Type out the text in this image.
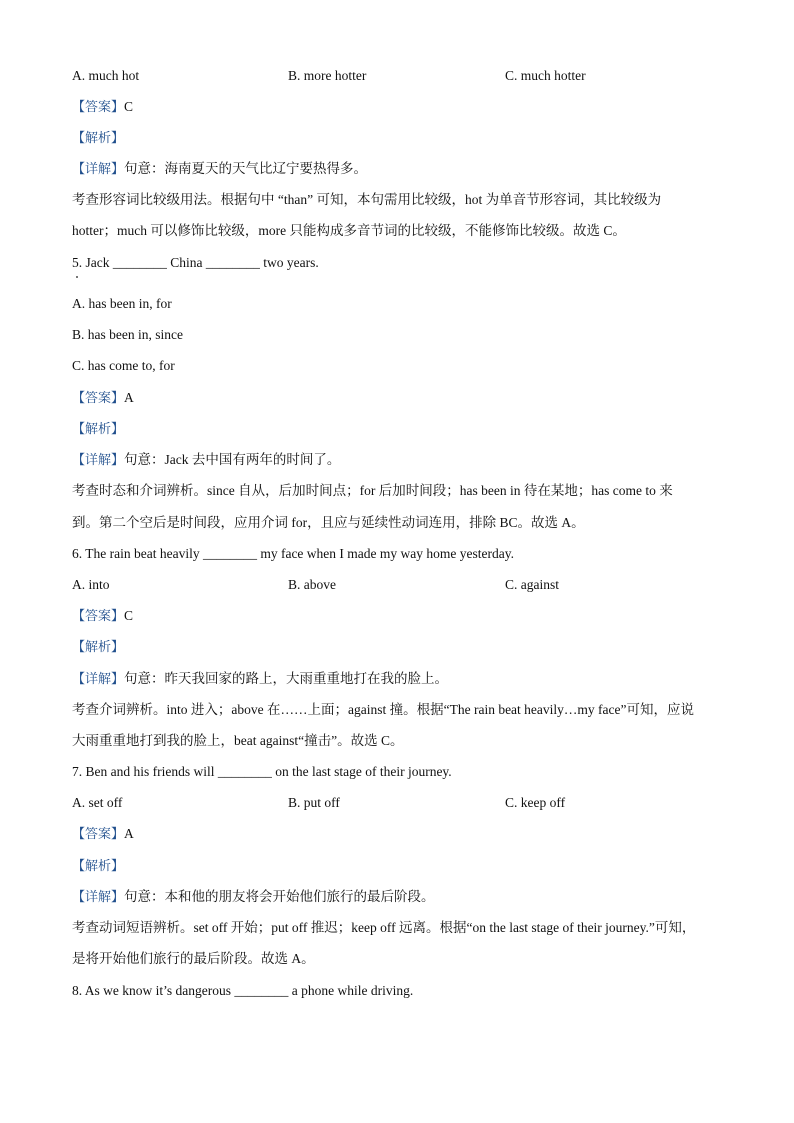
A. much hot	B. more hotter	C. much hotter
【答案】C
【解析】
【详解】句意：海南夏天的天气比辽宁要热得多。
考查形容词比较级用法。根据句中 “than” 可知，本句需用比较级，hot 为单音节形容词，其比较级为
hotter；much 可以修饰比较级，more 只能构成多音节词的比较级，不能修饰比较级。故选 C。
5. Jack ________ China ________ two years.
A. has been in, for
B. has been in, since
C. has come to, for
【答案】A
【解析】
【详解】句意：Jack 去中国有两年的时间了。
考查时态和介词辨析。since 自从，后加时间点；for 后加时间段；has been in 待在某地；has come to 来
到。第二个空后是时间段，应用介词 for，且应与延续性动词连用，排除 BC。故选 A。
6. The rain beat heavily ________ my face when I made my way home yesterday.
A. into	B. above	C. against
【答案】C
【解析】
【详解】句意：昨天我回家的路上，大雨重重地打在我的脸上。
考查介词辨析。into 进入；above 在……上面；against 撞。根据“The rain beat heavily…my face”可知，应说
大雨重重地打到我的脸上，beat against“撞击”。故选 C。
7. Ben and his friends will ________ on the last stage of their journey.
A. set off	B. put off	C. keep off
【答案】A
【解析】
【详解】句意：本和他的朋友将会开始他们旅行的最后阶段。
考查动词短语辨析。set off 开始；put off 推迟；keep off 远离。根据“on the last stage of their journey.”可知，
是将开始他们旅行的最后阶段。故选 A。
8. As we know it’s dangerous ________ a phone while driving.
